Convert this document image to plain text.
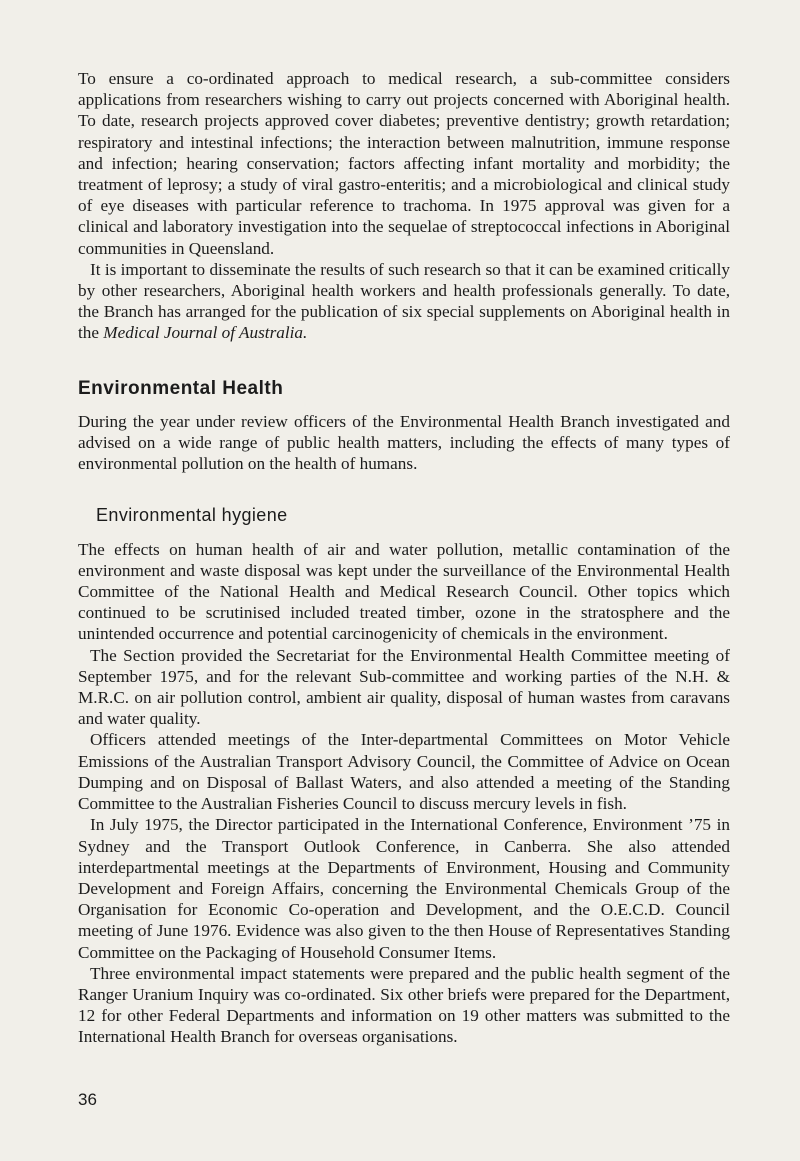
To ensure a co-ordinated approach to medical research, a sub-committee considers applications from researchers wishing to carry out projects concerned with Aboriginal health. To date, research projects approved cover diabetes; preventive dentistry; growth retardation; respiratory and intestinal infections; the interaction between malnutrition, immune response and infection; hearing conservation; factors affecting infant mortality and morbidity; the treatment of leprosy; a study of viral gastro-enteritis; and a microbiological and clinical study of eye diseases with particular reference to trachoma. In 1975 approval was given for a clinical and laboratory investigation into the sequelae of streptococcal infections in Aboriginal communities in Queensland.

It is important to disseminate the results of such research so that it can be examined critically by other researchers, Aboriginal health workers and health professionals generally. To date, the Branch has arranged for the publication of six special supplements on Aboriginal health in the Medical Journal of Australia.

Environmental Health

During the year under review officers of the Environmental Health Branch investigated and advised on a wide range of public health matters, including the effects of many types of environmental pollution on the health of humans.

Environmental hygiene

The effects on human health of air and water pollution, metallic contamination of the environment and waste disposal was kept under the surveillance of the Environmental Health Committee of the National Health and Medical Research Council. Other topics which continued to be scrutinised included treated timber, ozone in the stratosphere and the unintended occurrence and potential carcinogenicity of chemicals in the environment.

The Section provided the Secretariat for the Environmental Health Committee meeting of September 1975, and for the relevant Sub-committee and working parties of the N.H. & M.R.C. on air pollution control, ambient air quality, disposal of human wastes from caravans and water quality.

Officers attended meetings of the Inter-departmental Committees on Motor Vehicle Emissions of the Australian Transport Advisory Council, the Committee of Advice on Ocean Dumping and on Disposal of Ballast Waters, and also attended a meeting of the Standing Committee to the Australian Fisheries Council to discuss mercury levels in fish.

In July 1975, the Director participated in the International Conference, Environment ’75 in Sydney and the Transport Outlook Conference, in Canberra. She also attended interdepartmental meetings at the Departments of Environment, Housing and Community Development and Foreign Affairs, concerning the Environmental Chemicals Group of the Organisation for Economic Co-operation and Development, and the O.E.C.D. Council meeting of June 1976. Evidence was also given to the then House of Representatives Standing Committee on the Packaging of Household Consumer Items.

Three environmental impact statements were prepared and the public health segment of the Ranger Uranium Inquiry was co-ordinated. Six other briefs were prepared for the Department, 12 for other Federal Departments and information on 19 other matters was submitted to the International Health Branch for overseas organisations.

36
